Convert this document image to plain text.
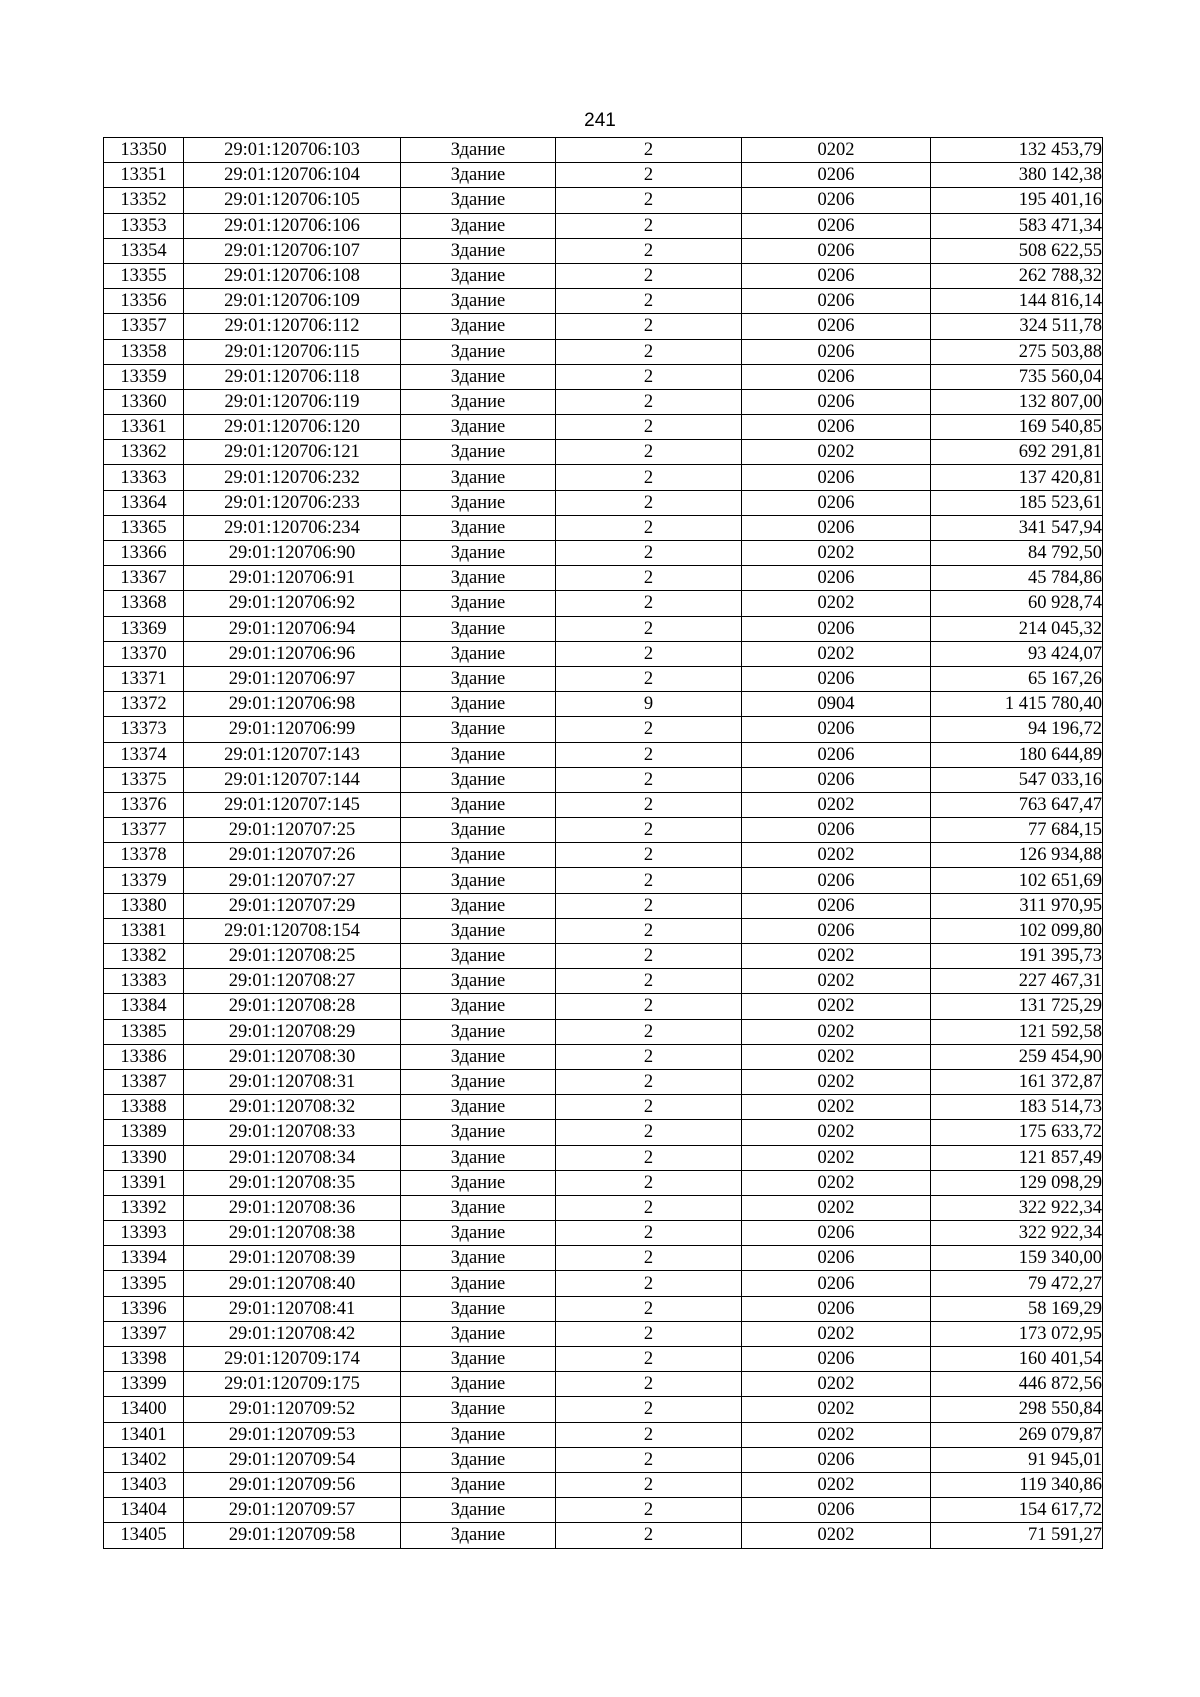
241
13350	29:01:120706:103	Здание	2	0202	132 453,79
13351	29:01:120706:104	Здание	2	0206	380 142,38
13352	29:01:120706:105	Здание	2	0206	195 401,16
13353	29:01:120706:106	Здание	2	0206	583 471,34
13354	29:01:120706:107	Здание	2	0206	508 622,55
13355	29:01:120706:108	Здание	2	0206	262 788,32
13356	29:01:120706:109	Здание	2	0206	144 816,14
13357	29:01:120706:112	Здание	2	0206	324 511,78
13358	29:01:120706:115	Здание	2	0206	275 503,88
13359	29:01:120706:118	Здание	2	0206	735 560,04
13360	29:01:120706:119	Здание	2	0206	132 807,00
13361	29:01:120706:120	Здание	2	0206	169 540,85
13362	29:01:120706:121	Здание	2	0202	692 291,81
13363	29:01:120706:232	Здание	2	0206	137 420,81
13364	29:01:120706:233	Здание	2	0206	185 523,61
13365	29:01:120706:234	Здание	2	0206	341 547,94
13366	29:01:120706:90	Здание	2	0202	84 792,50
13367	29:01:120706:91	Здание	2	0206	45 784,86
13368	29:01:120706:92	Здание	2	0202	60 928,74
13369	29:01:120706:94	Здание	2	0206	214 045,32
13370	29:01:120706:96	Здание	2	0202	93 424,07
13371	29:01:120706:97	Здание	2	0206	65 167,26
13372	29:01:120706:98	Здание	9	0904	1 415 780,40
13373	29:01:120706:99	Здание	2	0206	94 196,72
13374	29:01:120707:143	Здание	2	0206	180 644,89
13375	29:01:120707:144	Здание	2	0206	547 033,16
13376	29:01:120707:145	Здание	2	0202	763 647,47
13377	29:01:120707:25	Здание	2	0206	77 684,15
13378	29:01:120707:26	Здание	2	0202	126 934,88
13379	29:01:120707:27	Здание	2	0206	102 651,69
13380	29:01:120707:29	Здание	2	0206	311 970,95
13381	29:01:120708:154	Здание	2	0206	102 099,80
13382	29:01:120708:25	Здание	2	0202	191 395,73
13383	29:01:120708:27	Здание	2	0202	227 467,31
13384	29:01:120708:28	Здание	2	0202	131 725,29
13385	29:01:120708:29	Здание	2	0202	121 592,58
13386	29:01:120708:30	Здание	2	0202	259 454,90
13387	29:01:120708:31	Здание	2	0202	161 372,87
13388	29:01:120708:32	Здание	2	0202	183 514,73
13389	29:01:120708:33	Здание	2	0202	175 633,72
13390	29:01:120708:34	Здание	2	0202	121 857,49
13391	29:01:120708:35	Здание	2	0202	129 098,29
13392	29:01:120708:36	Здание	2	0202	322 922,34
13393	29:01:120708:38	Здание	2	0206	322 922,34
13394	29:01:120708:39	Здание	2	0206	159 340,00
13395	29:01:120708:40	Здание	2	0206	79 472,27
13396	29:01:120708:41	Здание	2	0206	58 169,29
13397	29:01:120708:42	Здание	2	0202	173 072,95
13398	29:01:120709:174	Здание	2	0206	160 401,54
13399	29:01:120709:175	Здание	2	0202	446 872,56
13400	29:01:120709:52	Здание	2	0202	298 550,84
13401	29:01:120709:53	Здание	2	0202	269 079,87
13402	29:01:120709:54	Здание	2	0206	91 945,01
13403	29:01:120709:56	Здание	2	0202	119 340,86
13404	29:01:120709:57	Здание	2	0206	154 617,72
13405	29:01:120709:58	Здание	2	0202	71 591,27
